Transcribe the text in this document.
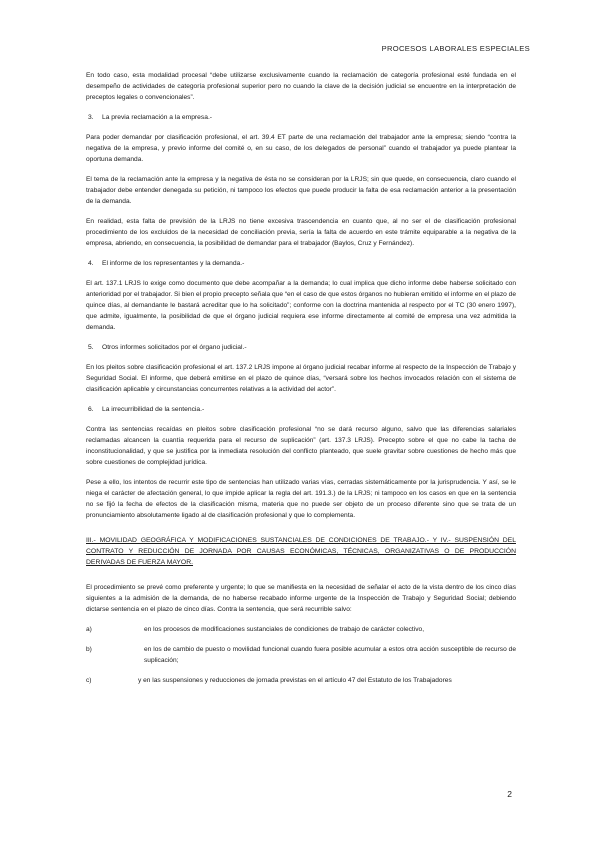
PROCESOS LABORALES ESPECIALES

En todo caso, esta modalidad procesal “debe utilizarse exclusivamente cuando la reclamación de categoría profesional esté fundada en el desempeño de actividades de categoría profesional superior pero no cuando la clave de la decisión judicial se encuentre en la interpretación de preceptos legales o convencionales”.

3.	La previa reclamación a la empresa.-

Para poder demandar por clasificación profesional, el art. 39.4 ET parte de una reclamación del trabajador ante la empresa; siendo “contra la negativa de la empresa, y previo informe del comité o, en su caso, de los delegados de personal” cuando el trabajador ya puede plantear la oportuna demanda.

El tema de la reclamación ante la empresa y la negativa de ésta no se consideran por la LRJS; sin que quede, en consecuencia, claro cuando el trabajador debe entender denegada su petición, ni tampoco los efectos que puede producir la falta de esa reclamación anterior a la presentación de la demanda.

En realidad, esta falta de previsión de la LRJS no tiene excesiva trascendencia en cuanto que, al no ser el de clasificación profesional procedimiento de los excluidos de la necesidad de conciliación previa, sería la falta de acuerdo en este trámite equiparable a la negativa de la empresa, abriendo, en consecuencia, la posibilidad de demandar para el trabajador (Baylos, Cruz y Fernández).

4.	El informe de los representantes y la demanda.-

El art. 137.1 LRJS lo exige como documento que debe acompañar a la demanda; lo cual implica que dicho informe debe haberse solicitado con anterioridad por el trabajador. Si bien el propio precepto señala que “en el caso de que estos órganos no hubieran emitido el informe en el plazo de quince días, al demandante le bastará acreditar que lo ha solicitado”; conforme con la doctrina mantenida al respecto por el TC (30 enero 1997), que admite, igualmente, la posibilidad de que el órgano judicial requiera ese informe directamente al comité de empresa una vez admitida la demanda.

5.	Otros informes solicitados por el órgano judicial.-

En los pleitos sobre clasificación profesional el art. 137.2 LRJS impone al órgano judicial recabar informe al respecto de la Inspección de Trabajo y Seguridad Social. El informe, que deberá emitirse en el plazo de quince días, “versará sobre los hechos invocados relación con el sistema de clasificación aplicable y circunstancias concurrentes relativas a la actividad del actor”.

6.	La irrecurribilidad de la sentencia.-

Contra las sentencias recaídas en pleitos sobre clasificación profesional “no se dará recurso alguno, salvo que las diferencias salariales reclamadas alcancen la cuantía requerida para el recurso de suplicación” (art. 137.3 LRJS). Precepto sobre el que no cabe la tacha de inconstitucionalidad, y que se justifica por la inmediata resolución del conflicto planteado, que suele gravitar sobre cuestiones de hecho más que sobre cuestiones de complejidad jurídica.

Pese a ello, los intentos de recurrir este tipo de sentencias han utilizado varias vías, cerradas sistemáticamente por la jurisprudencia. Y así, se le niega el carácter de afectación general, lo que impide aplicar la regla del art. 191.3.) de la LRJS; ni tampoco en los casos en que en la sentencia no se fijó la fecha de efectos de la clasificación misma, materia que no puede ser objeto de un proceso diferente sino que se trata de un pronunciamiento absolutamente ligado al de clasificación profesional y que lo complementa.

III.- MOVILIDAD GEOGRÁFICA Y MODIFICACIONES SUSTANCIALES DE CONDICIONES DE TRABAJO.- Y IV.- SUSPENSIÓN DEL CONTRATO Y REDUCCIÓN DE JORNADA POR CAUSAS ECONÓMICAS, TÉCNICAS, ORGANIZATIVAS O DE PRODUCCIÓN DERIVADAS DE FUERZA MAYOR.

El procedimiento se prevé como preferente y urgente; lo que se manifiesta en la necesidad de señalar el acto de la vista dentro de los cinco días siguientes a la admisión de la demanda, de no haberse recabado informe urgente de la Inspección de Trabajo y Seguridad Social; debiendo dictarse sentencia en el plazo de cinco días. Contra la sentencia, que será recurrible salvo:

a)	en los procesos de modificaciones sustanciales de condiciones de trabajo de carácter colectivo,
b)	en los de cambio de puesto o movilidad funcional cuando fuera posible acumular a estos otra acción susceptible de recurso de suplicación;
c)	y en las suspensiones y reducciones de jornada previstas en el artículo 47 del Estatuto de los Trabajadores
2
